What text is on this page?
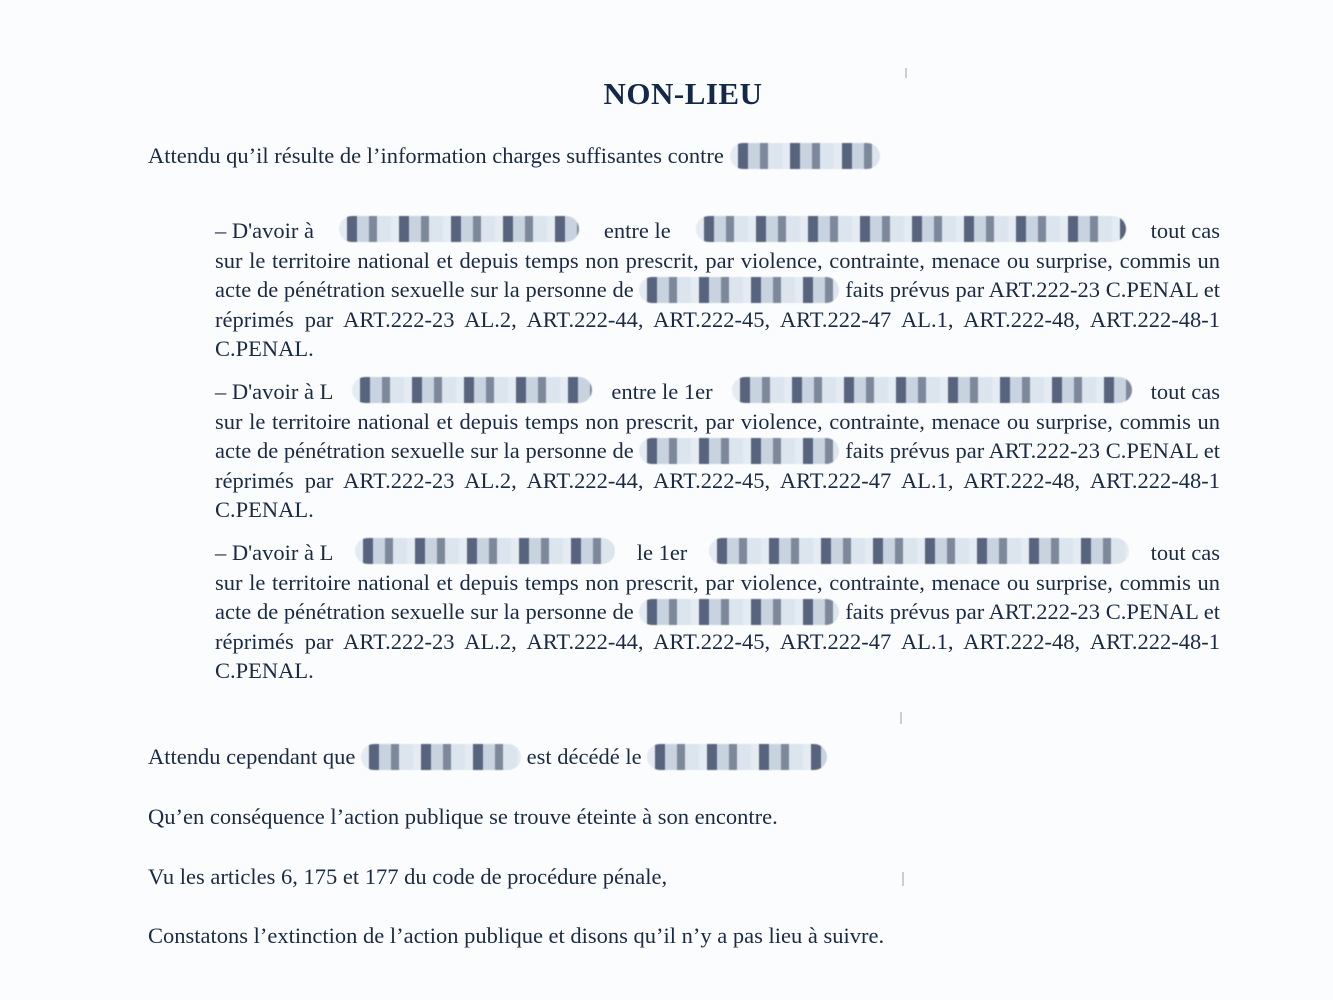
NON-LIEU
Attendu qu’il résulte de l’information charges suffisantes contre

– D'avoir à	entre le	tout cas

sur le territoire national et depuis temps non prescrit, par violence, contrainte, menace ou surprise, commis un acte de pénétration sexuelle sur la personne de	faits prévus par ART.222-23 C.PENAL et réprimés par ART.222-23 AL.2, ART.222-44, ART.222-45, ART.222-47 AL.1, ART.222-48, ART.222-48-1 C.PENAL.

– D'avoir à L	entre le 1er	tout cas

sur le territoire national et depuis temps non prescrit, par violence, contrainte, menace ou surprise, commis un acte de pénétration sexuelle sur la personne de	faits prévus par ART.222-23 C.PENAL et réprimés par ART.222-23 AL.2, ART.222-44, ART.222-45, ART.222-47 AL.1, ART.222-48, ART.222-48-1 C.PENAL.

– D'avoir à L	le 1er	tout cas

sur le territoire national et depuis temps non prescrit, par violence, contrainte, menace ou surprise, commis un acte de pénétration sexuelle sur la personne de	faits prévus par ART.222-23 C.PENAL et réprimés par ART.222-23 AL.2, ART.222-44, ART.222-45, ART.222-47 AL.1, ART.222-48, ART.222-48-1 C.PENAL.

Attendu cependant que	est décédé le
Qu’en conséquence l’action publique se trouve éteinte à son encontre.
Vu les articles 6, 175 et 177 du code de procédure pénale,
Constatons l’extinction de l’action publique et disons qu’il n’y a pas lieu à suivre.
